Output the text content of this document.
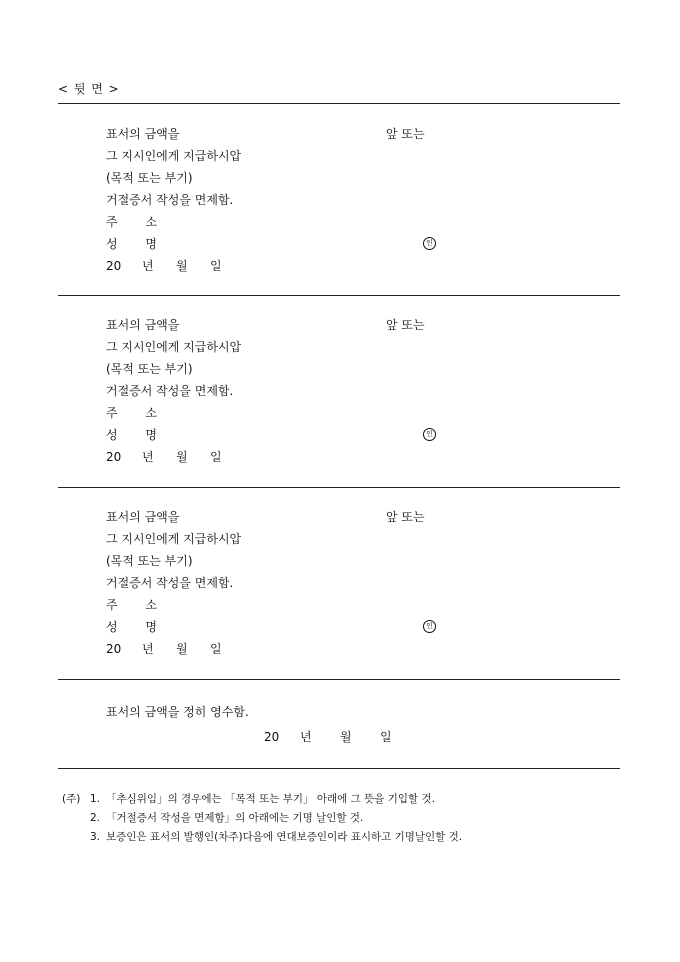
< 뒷 면 >
표서의 금액을	앞 또는
그 지시인에게 지급하시압
(목적 또는 부기)
거절증서 작성을 면제함.
주 소
성 명	인
20 년 월 일
표서의 금액을	앞 또는
그 지시인에게 지급하시압
(목적 또는 부기)
거절증서 작성을 면제함.
주 소
성 명	인
20 년 월 일
표서의 금액을	앞 또는
그 지시인에게 지급하시압
(목적 또는 부기)
거절증서 작성을 면제함.
주 소
성 명	인
20 년 월 일
표서의 금액을 정히 영수함.
20 년 월 일
(주) 1. 「추심위임」의 경우에는 「목적 또는 부기」 아래에 그 뜻을 기입할 것.
2. 「거절증서 작성을 면제함」의 아래에는 기명 날인할 것.
3. 보증인은 표서의 발행인(차주)다음에 연대보증인이라 표시하고 기명날인할 것.
